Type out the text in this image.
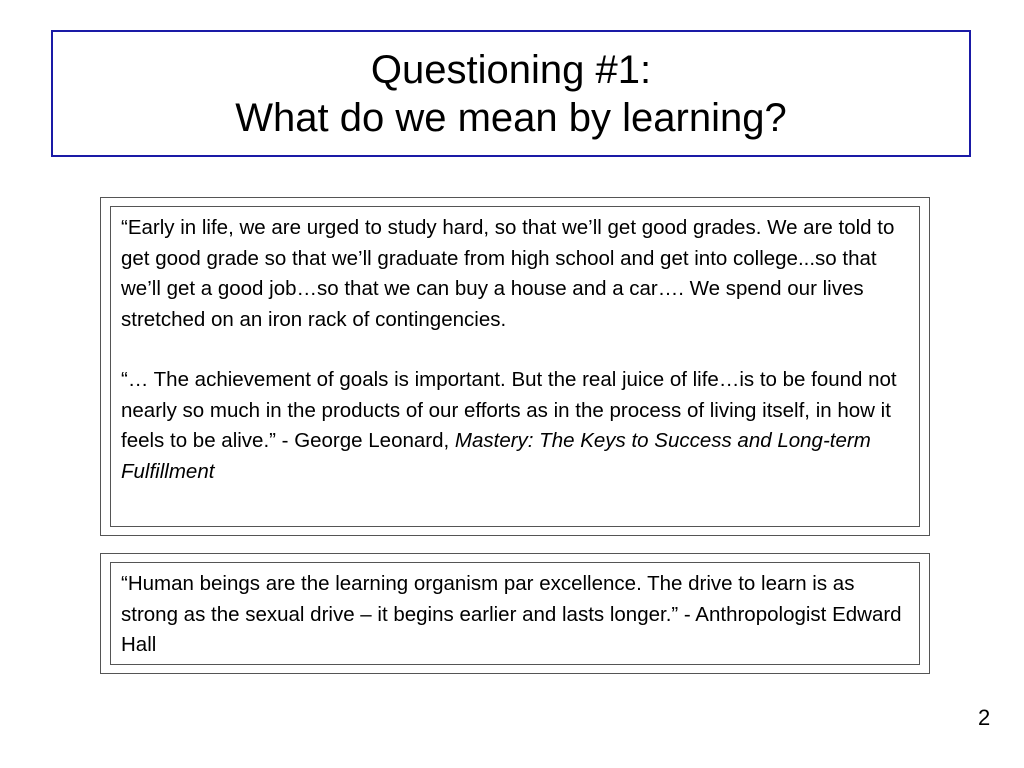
Questioning #1:
What do we mean by learning?

“Early in life, we are urged to study hard, so that we’ll get good grades. We are told to get good grade so that we’ll graduate from high school and get into college...so that we’ll get a good job…so that we can buy a house and a car…. We spend our lives stretched on an iron rack of contingencies.

“… The achievement of goals is important. But the real juice of life…is to be found not nearly so much in the products of our efforts as in the process of living itself, in how it feels to be alive.” - George Leonard, Mastery: The Keys to Success and Long-term Fulfillment

“Human beings are the learning organism par excellence. The drive to learn is as strong as the sexual drive – it begins earlier and lasts longer.” - Anthropologist Edward Hall

2
